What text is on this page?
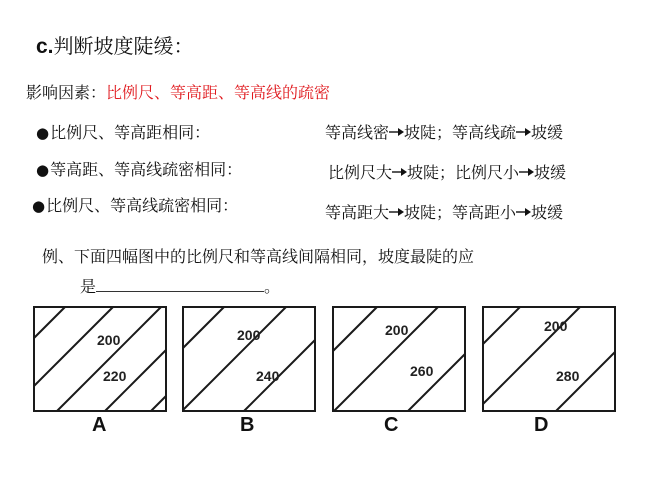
c.判断坡度陡缓：
影响因素：比例尺、等高距、等高线的疏密
●比例尺、等高距相同：	等高线密 坡陡；等高线疏 坡缓
●等高距、等高线疏密相同：	比例尺大 坡陡；比例尺小 坡缓
●比例尺、等高线疏密相同：	等高距大 坡陡；等高距小 坡缓
例、下面四幅图中的比例尺和等高线间隔相同，坡度最陡的应
是	。
200
220
A
200
240
B
200
260
C
200
280
D
